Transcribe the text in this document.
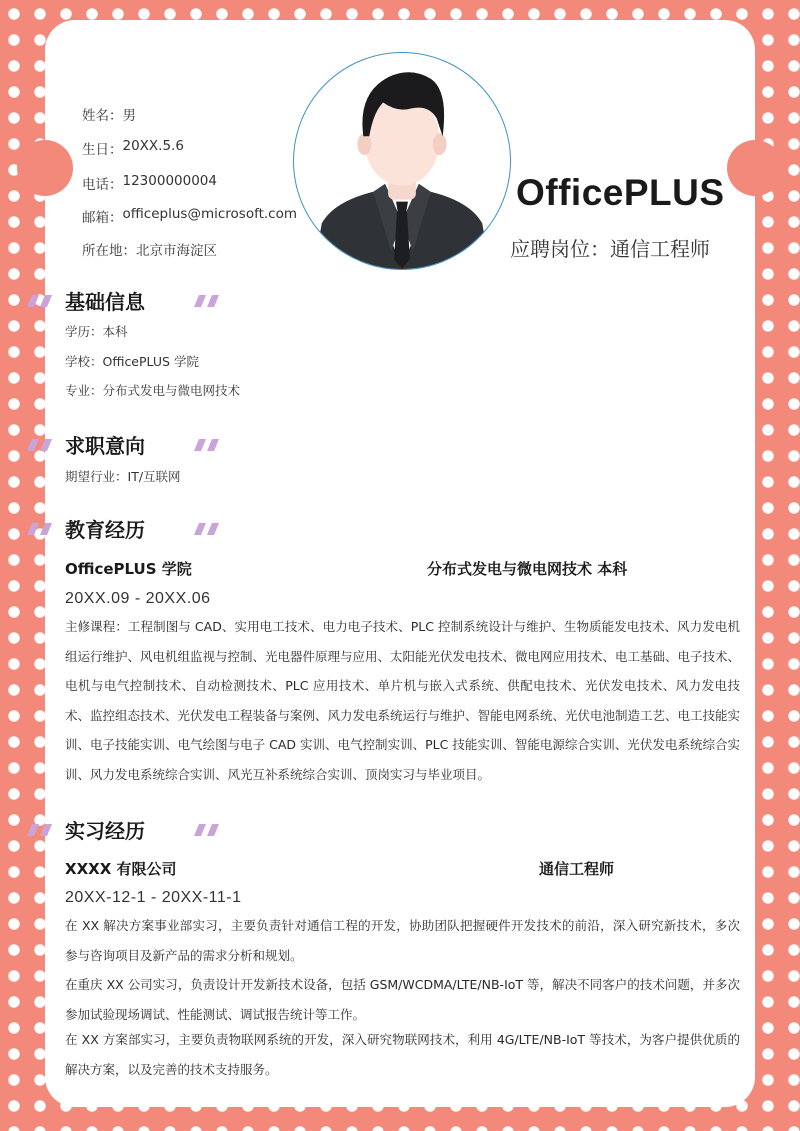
姓名： 男
生日： 20XX.5.6
电话： 12300000004
邮箱： officeplus@microsoft.com
所在地： 北京市海淀区
OfficePLUS
应聘岗位： 通信工程师
基础信息
学历： 本科
学校： OfficePLUS 学院
专业： 分布式发电与微电网技术
求职意向
期望行业： IT/互联网
教育经历
OfficePLUS 学院	分布式发电与微电网技术 本科
20XX.09 - 20XX.06
主修课程：工程制图与 CAD、实用电工技术、电力电子技术、PLC 控制系统设计与维护、生物质能发电技术、风力发电机组运行维护、风电机组监视与控制、光电器件原理与应用、太阳能光伏发电技术、微电网应用技术、电工基础、电子技术、电机与电气控制技术、自动检测技术、PLC 应用技术、单片机与嵌入式系统、供配电技术、光伏发电技术、风力发电技术、监控组态技术、光伏发电工程装备与案例、风力发电系统运行与维护、智能电网系统、光伏电池制造工艺、电工技能实训、电子技能实训、电气绘图与电子 CAD 实训、电气控制实训、PLC 技能实训、智能电源综合实训、光伏发电系统综合实训、风力发电系统综合实训、风光互补系统综合实训、顶岗实习与毕业项目。
实习经历
XXXX 有限公司	通信工程师
20XX-12-1 - 20XX-11-1
在 XX 解决方案事业部实习，主要负责针对通信工程的开发，协助团队把握硬件开发技术的前沿，深入研究新技术，多次参与咨询项目及新产品的需求分析和规划。
在重庆 XX 公司实习，负责设计开发新技术设备，包括 GSM/WCDMA/LTE/NB-IoT 等，解决不同客户的技术问题，并多次参加试验现场调试、性能测试、调试报告统计等工作。
在 XX 方案部实习，主要负责物联网系统的开发，深入研究物联网技术，利用 4G/LTE/NB-IoT 等技术，为客户提供优质的解决方案，以及完善的技术支持服务。
